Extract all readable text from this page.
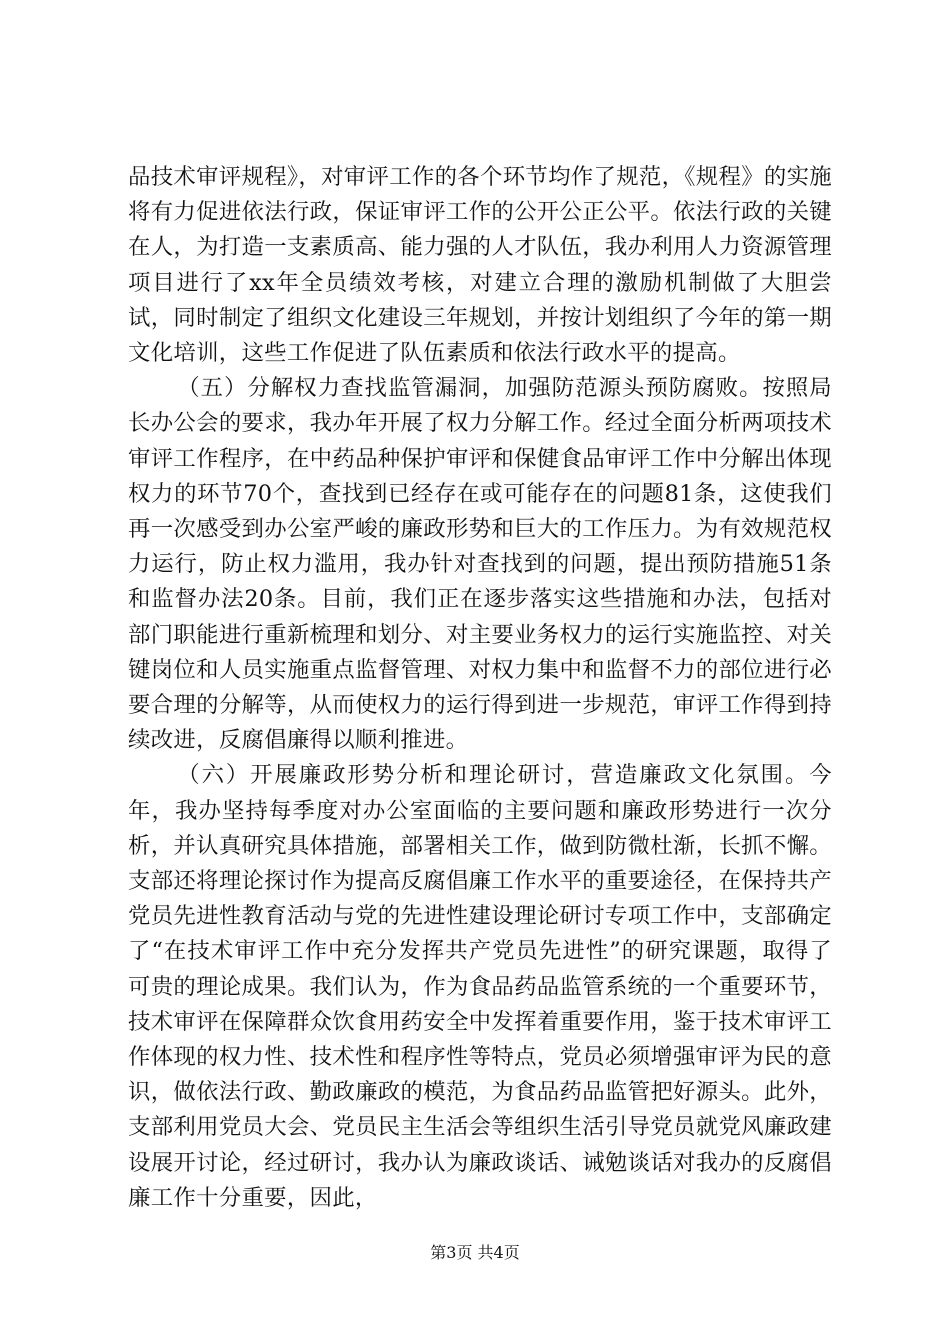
品技术审评规程》，对审评工作的各个环节均作了规范，《规程》的实施将有力促进依法行政，保证审评工作的公开公正公平。依法行政的关键在人，为打造一支素质高、能力强的人才队伍，我办利用人力资源管理项目进行了xx年全员绩效考核，对建立合理的激励机制做了大胆尝试，同时制定了组织文化建设三年规划，并按计划组织了今年的第一期文化培训，这些工作促进了队伍素质和依法行政水平的提高。

（五）分解权力查找监管漏洞，加强防范源头预防腐败。按照局长办公会的要求，我办年开展了权力分解工作。经过全面分析两项技术审评工作程序，在中药品种保护审评和保健食品审评工作中分解出体现权力的环节70个，查找到已经存在或可能存在的问题81条，这使我们再一次感受到办公室严峻的廉政形势和巨大的工作压力。为有效规范权力运行，防止权力滥用，我办针对查找到的问题，提出预防措施51条和监督办法20条。目前，我们正在逐步落实这些措施和办法，包括对部门职能进行重新梳理和划分、对主要业务权力的运行实施监控、对关键岗位和人员实施重点监督管理、对权力集中和监督不力的部位进行必要合理的分解等，从而使权力的运行得到进一步规范，审评工作得到持续改进，反腐倡廉得以顺利推进。

（六）开展廉政形势分析和理论研讨，营造廉政文化氛围。今年，我办坚持每季度对办公室面临的主要问题和廉政形势进行一次分析，并认真研究具体措施，部署相关工作，做到防微杜渐，长抓不懈。支部还将理论探讨作为提高反腐倡廉工作水平的重要途径，在保持共产党员先进性教育活动与党的先进性建设理论研讨专项工作中，支部确定了“在技术审评工作中充分发挥共产党员先进性”的研究课题，取得了可贵的理论成果。我们认为，作为食品药品监管系统的一个重要环节，技术审评在保障群众饮食用药安全中发挥着重要作用，鉴于技术审评工作体现的权力性、技术性和程序性等特点，党员必须增强审评为民的意识，做依法行政、勤政廉政的模范，为食品药品监管把好源头。此外，支部利用党员大会、党员民主生活会等组织生活引导党员就党风廉政建设展开讨论，经过研讨，我办认为廉政谈话、诫勉谈话对我办的反腐倡廉工作十分重要，因此，

第3页 共4页
